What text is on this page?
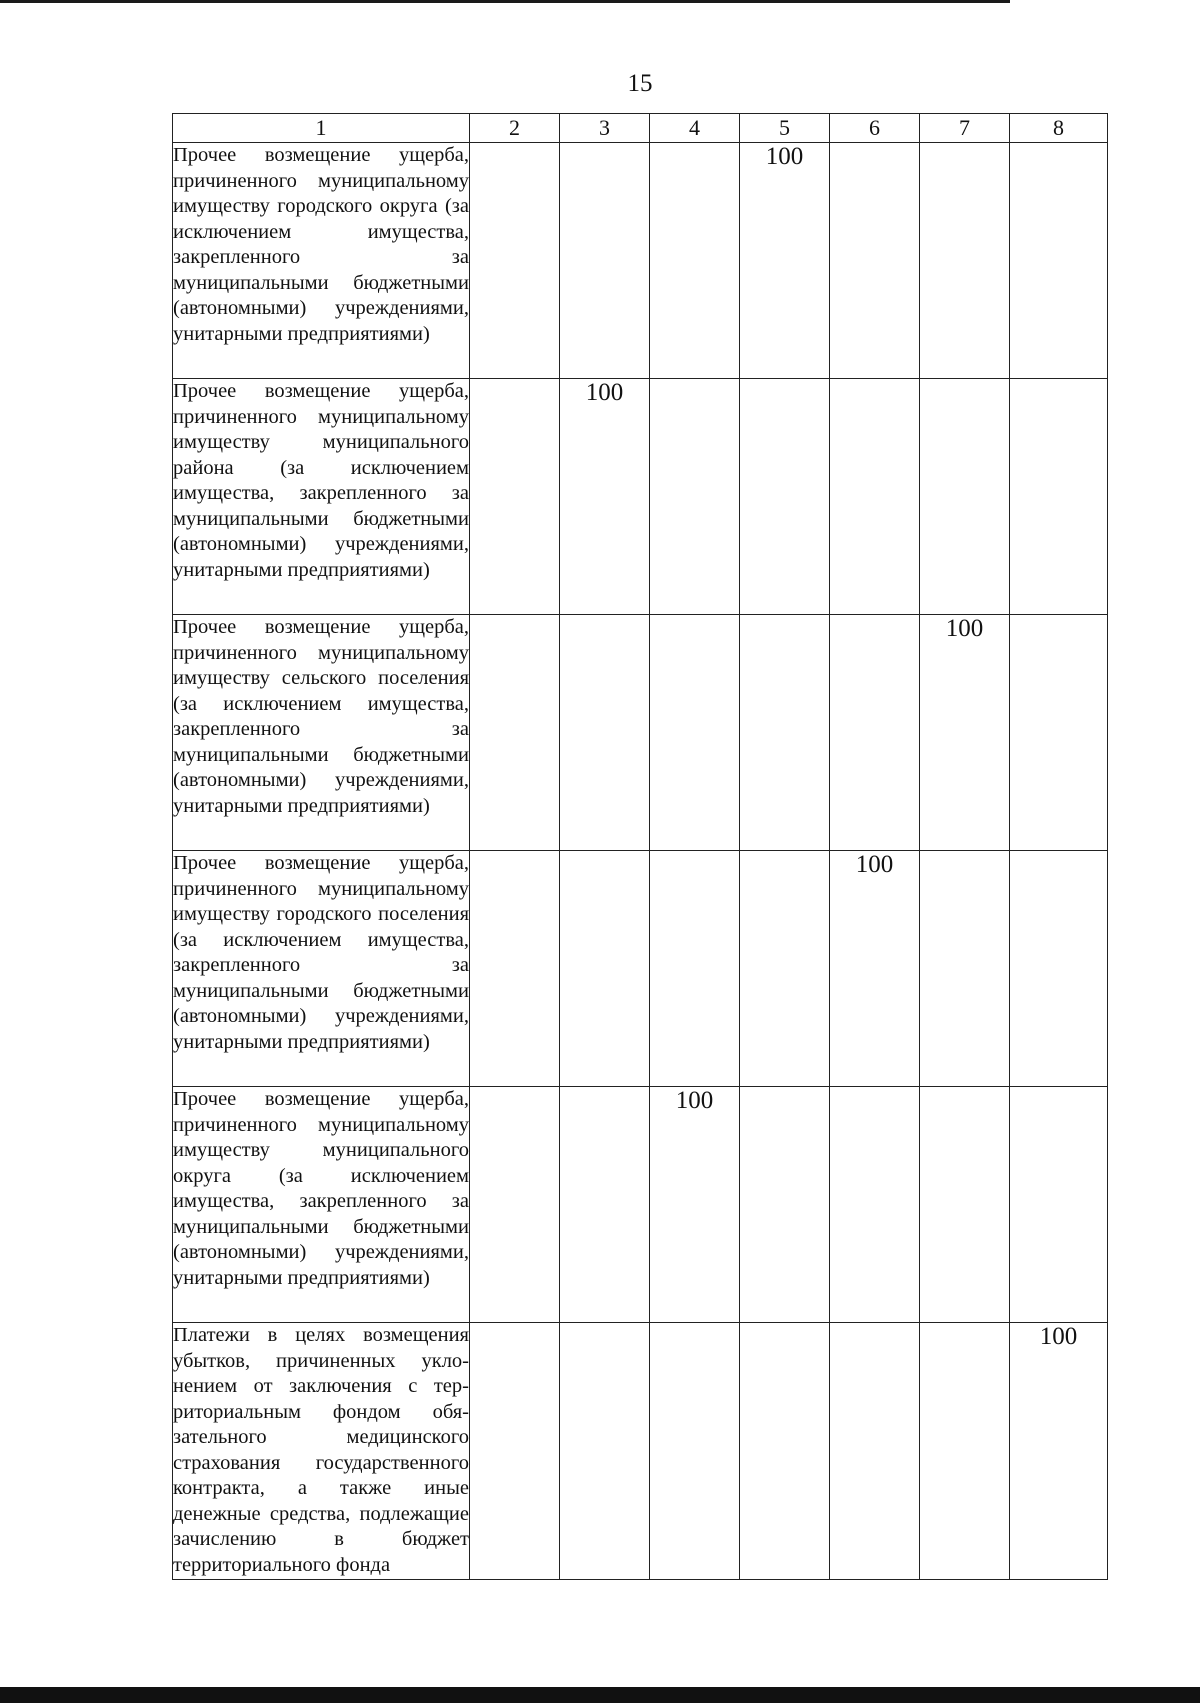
15
1	2	3	4	5	6	7	8
Прочее возмещение ущерба, причиненного муниципальному имуществу городского округа (за исключением имущества, закрепленного за муниципальными бюджетными (автономными) учреждениями, унитарными предприятиями)				100			
Прочее возмещение ущерба, причиненного муниципальному имуществу муниципального района (за исключением имущества, закрепленного за муниципальными бюджетными (автономными) учреждениями, унитарными предприятиями)		100					
Прочее возмещение ущерба, причиненного муниципальному имуществу сельского поселения (за исключением имущества, закрепленного за муниципальными бюджетными (автономными) учреждениями, унитарными предприятиями)						100	
Прочее возмещение ущерба, причиненного муниципальному имуществу городского поселения (за исключением имущества, закрепленного за муниципальными бюджетными (автономными) учреждениями, унитарными предприятиями)					100		
Прочее возмещение ущерба, причиненного муниципальному имуществу муниципального округа (за исключением имущества, закрепленного за муниципальными бюджетными (автономными) учреждениями, унитарными предприятиями)			100				
Платежи в целях возмещения убытков, причиненных уклонением от заключения с территориальным фондом обязательного медицинского страхования государственного контракта, а также иные денежные средства, подлежащие зачислению в бюджет территориального фонда							100
